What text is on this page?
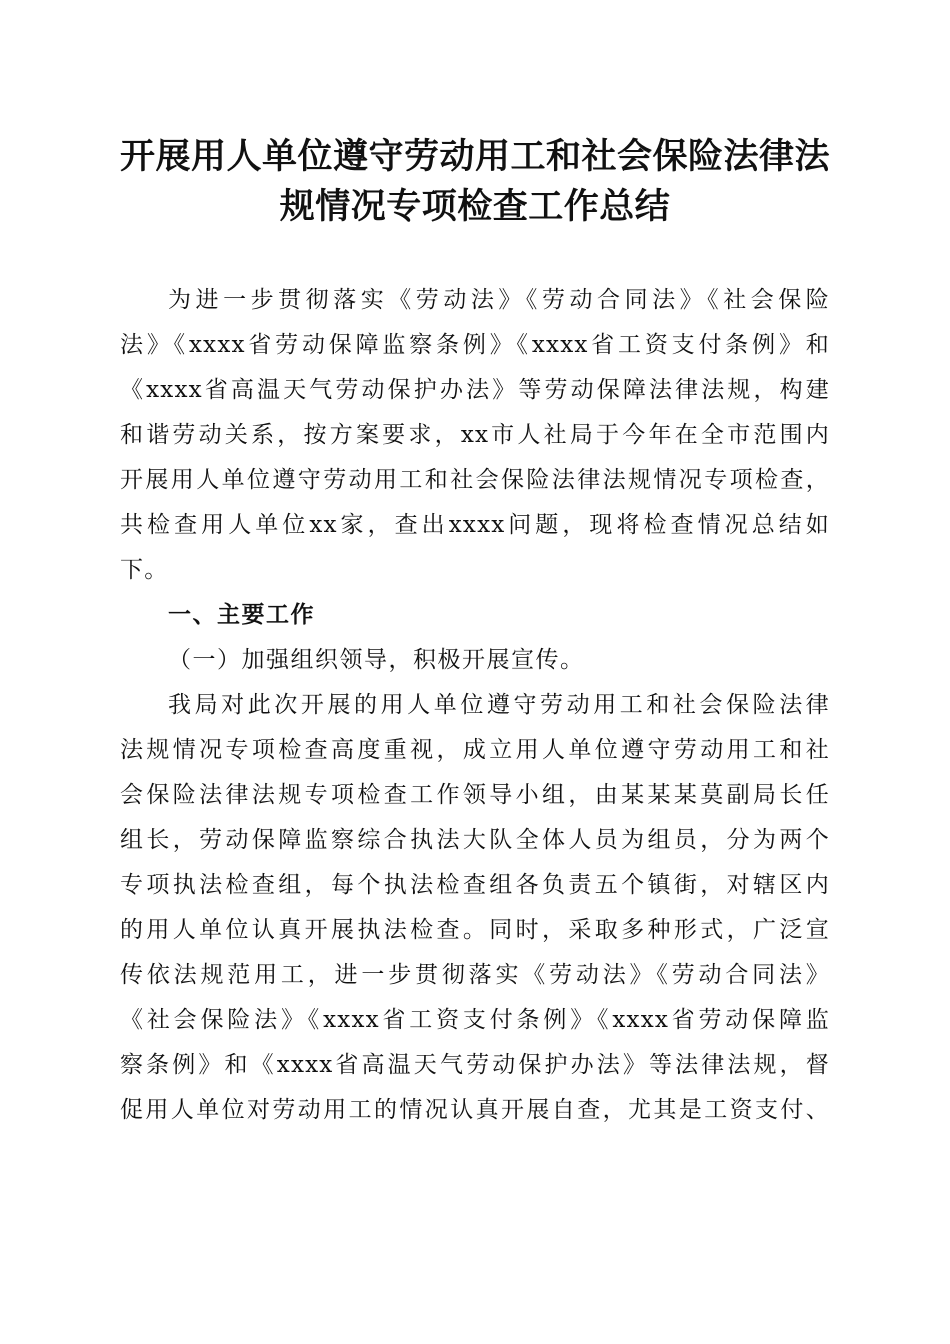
开展用人单位遵守劳动用工和社会保险法律法
规情况专项检查工作总结
为进一步贯彻落实《劳动法》《劳动合同法》《社会保险
法》《xxxx省劳动保障监察条例》《xxxx省工资支付条例》和
《xxxx省高温天气劳动保护办法》等劳动保障法律法规，构建
和谐劳动关系，按方案要求，xx市人社局于今年在全市范围内
开展用人单位遵守劳动用工和社会保险法律法规情况专项检查，
共检查用人单位xx家，查出xxxx问题，现将检查情况总结如
下。
一、主要工作
（一）加强组织领导，积极开展宣传。
我局对此次开展的用人单位遵守劳动用工和社会保险法律
法规情况专项检查高度重视，成立用人单位遵守劳动用工和社
会保险法律法规专项检查工作领导小组，由某某某莫副局长任
组长，劳动保障监察综合执法大队全体人员为组员，分为两个
专项执法检查组，每个执法检查组各负责五个镇街，对辖区内
的用人单位认真开展执法检查。同时，采取多种形式，广泛宣
传依法规范用工，进一步贯彻落实《劳动法》《劳动合同法》
《社会保险法》《xxxx省工资支付条例》《xxxx省劳动保障监
察条例》和《xxxx省高温天气劳动保护办法》等法律法规，督
促用人单位对劳动用工的情况认真开展自查，尤其是工资支付、
